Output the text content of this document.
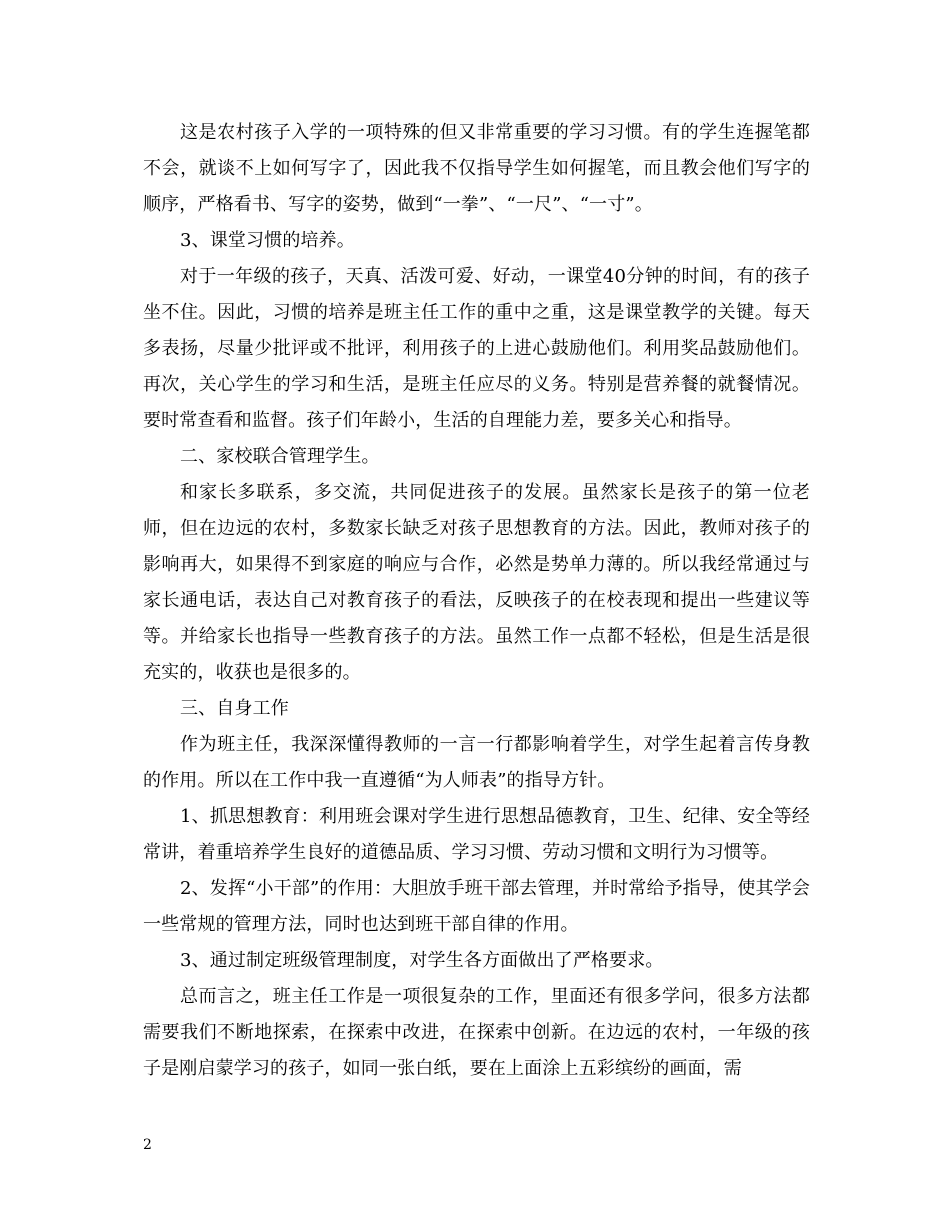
这是农村孩子入学的一项特殊的但又非常重要的学习习惯。有的学生连握笔都不会，就谈不上如何写字了，因此我不仅指导学生如何握笔，而且教会他们写字的顺序，严格看书、写字的姿势，做到“一拳”、“一尺”、“一寸”。

3、课堂习惯的培养。

对于一年级的孩子，天真、活泼可爱、好动，一课堂40分钟的时间，有的孩子坐不住。因此，习惯的培养是班主任工作的重中之重，这是课堂教学的关键。每天多表扬，尽量少批评或不批评，利用孩子的上进心鼓励他们。利用奖品鼓励他们。再次，关心学生的学习和生活，是班主任应尽的义务。特别是营养餐的就餐情况。要时常查看和监督。孩子们年龄小，生活的自理能力差，要多关心和指导。

二、家校联合管理学生。

和家长多联系，多交流，共同促进孩子的发展。虽然家长是孩子的第一位老师，但在边远的农村，多数家长缺乏对孩子思想教育的方法。因此，教师对孩子的影响再大，如果得不到家庭的响应与合作，必然是势单力薄的。所以我经常通过与家长通电话，表达自己对教育孩子的看法，反映孩子的在校表现和提出一些建议等等。并给家长也指导一些教育孩子的方法。虽然工作一点都不轻松，但是生活是很充实的，收获也是很多的。

三、自身工作

作为班主任，我深深懂得教师的一言一行都影响着学生，对学生起着言传身教的作用。所以在工作中我一直遵循“为人师表”的指导方针。

1、抓思想教育：利用班会课对学生进行思想品德教育，卫生、纪律、安全等经常讲，着重培养学生良好的道德品质、学习习惯、劳动习惯和文明行为习惯等。

2、发挥“小干部”的作用：大胆放手班干部去管理，并时常给予指导，使其学会一些常规的管理方法，同时也达到班干部自律的作用。

3、通过制定班级管理制度，对学生各方面做出了严格要求。

总而言之，班主任工作是一项很复杂的工作，里面还有很多学问，很多方法都需要我们不断地探索，在探索中改进，在探索中创新。在边远的农村，一年级的孩子是刚启蒙学习的孩子，如同一张白纸，要在上面涂上五彩缤纷的画面，需

2
